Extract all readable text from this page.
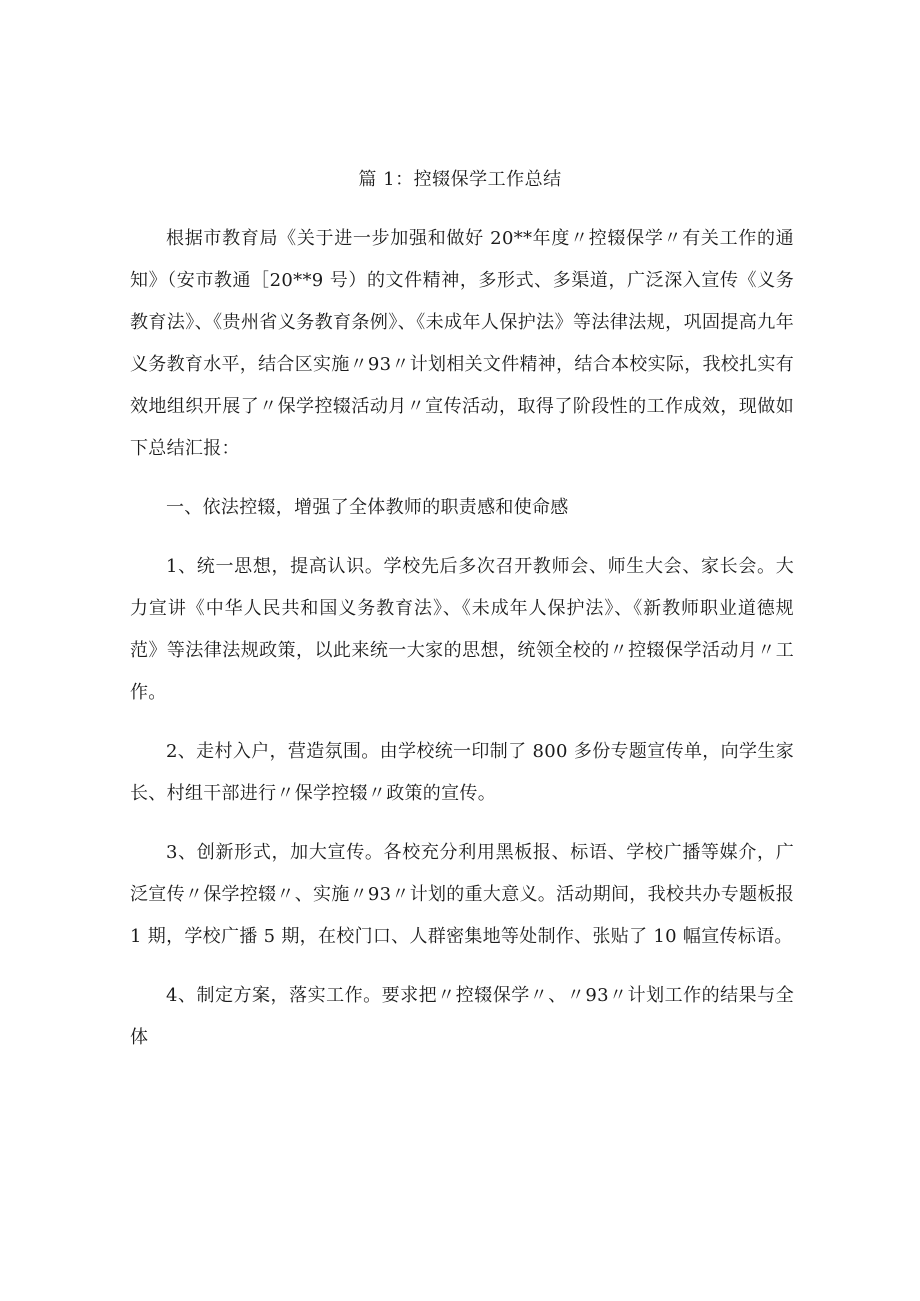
篇 1：控辍保学工作总结

根据市教育局《关于进一步加强和做好 20**年度〃控辍保学〃有关工作的通知》（安市教通［20**9 号）的文件精神，多形式、多渠道，广泛深入宣传《义务教育法》、《贵州省义务教育条例》、《未成年人保护法》等法律法规，巩固提高九年义务教育水平，结合区实施〃93〃计划相关文件精神，结合本校实际，我校扎实有效地组织开展了〃保学控辍活动月〃宣传活动，取得了阶段性的工作成效，现做如下总结汇报：

一、依法控辍，增强了全体教师的职责感和使命感

1、统一思想，提高认识。学校先后多次召开教师会、师生大会、家长会。大力宣讲《中华人民共和国义务教育法》、《未成年人保护法》、《新教师职业道德规范》等法律法规政策，以此来统一大家的思想，统领全校的〃控辍保学活动月〃工作。

2、走村入户，营造氛围。由学校统一印制了 800 多份专题宣传单，向学生家长、村组干部进行〃保学控辍〃政策的宣传。

3、创新形式，加大宣传。各校充分利用黑板报、标语、学校广播等媒介，广泛宣传〃保学控辍〃、实施〃93〃计划的重大意义。活动期间，我校共办专题板报 1 期，学校广播 5 期，在校门口、人群密集地等处制作、张贴了 10 幅宣传标语。

4、制定方案，落实工作。要求把〃控辍保学〃、〃93〃计划工作的结果与全体
